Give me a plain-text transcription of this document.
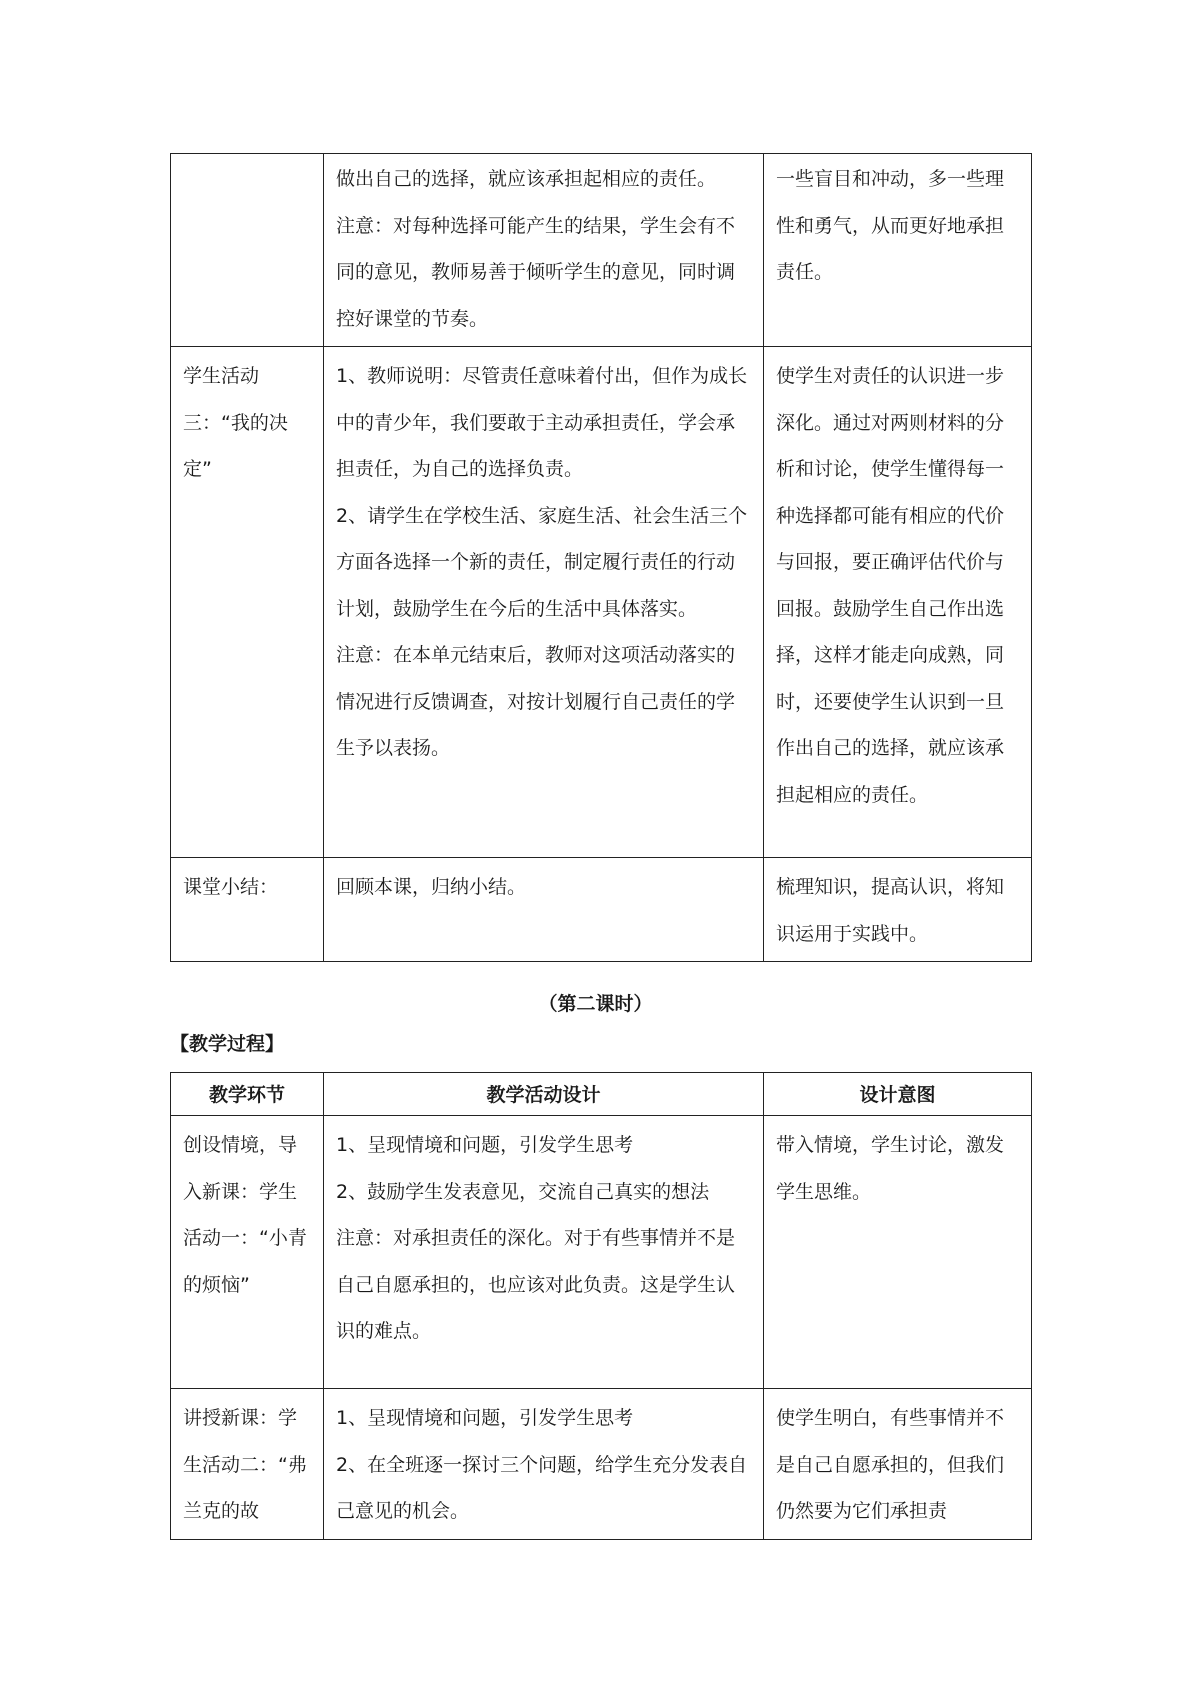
	做出自己的选择，就应该承担起相应的责任。
注意：对每种选择可能产生的结果，学生会有不同的意见，教师易善于倾听学生的意见，同时调控好课堂的节奏。	一些盲目和冲动，多一些理性和勇气，从而更好地承担责任。

学生活动三：“我的决定”	1、教师说明：尽管责任意味着付出，但作为成长中的青少年，我们要敢于主动承担责任，学会承担责任，为自己的选择负责。
2、请学生在学校生活、家庭生活、社会生活三个方面各选择一个新的责任，制定履行责任的行动计划，鼓励学生在今后的生活中具体落实。
注意：在本单元结束后，教师对这项活动落实的情况进行反馈调查，对按计划履行自己责任的学生予以表扬。	使学生对责任的认识进一步深化。通过对两则材料的分析和讨论，使学生懂得每一种选择都可能有相应的代价与回报，要正确评估代价与回报。鼓励学生自己作出选择，这样才能走向成熟，同时，还要使学生认识到一旦作出自己的选择，就应该承担起相应的责任。

课堂小结：	回顾本课，归纳小结。	梳理知识，提高认识，将知识运用于实践中。
（第二课时）
【教学过程】
教学环节	教学活动设计	设计意图
创设情境，导入新课：学生活动一：“小青的烦恼”	1、呈现情境和问题，引发学生思考
2、鼓励学生发表意见，交流自己真实的想法
注意：对承担责任的深化。对于有些事情并不是自己自愿承担的，也应该对此负责。这是学生认识的难点。	带入情境，学生讨论，激发学生思维。

讲授新课：学生活动二：“弗兰克的故	1、呈现情境和问题，引发学生思考
2、在全班逐一探讨三个问题，给学生充分发表自己意见的机会。	使学生明白，有些事情并不是自己自愿承担的，但我们仍然要为它们承担责
